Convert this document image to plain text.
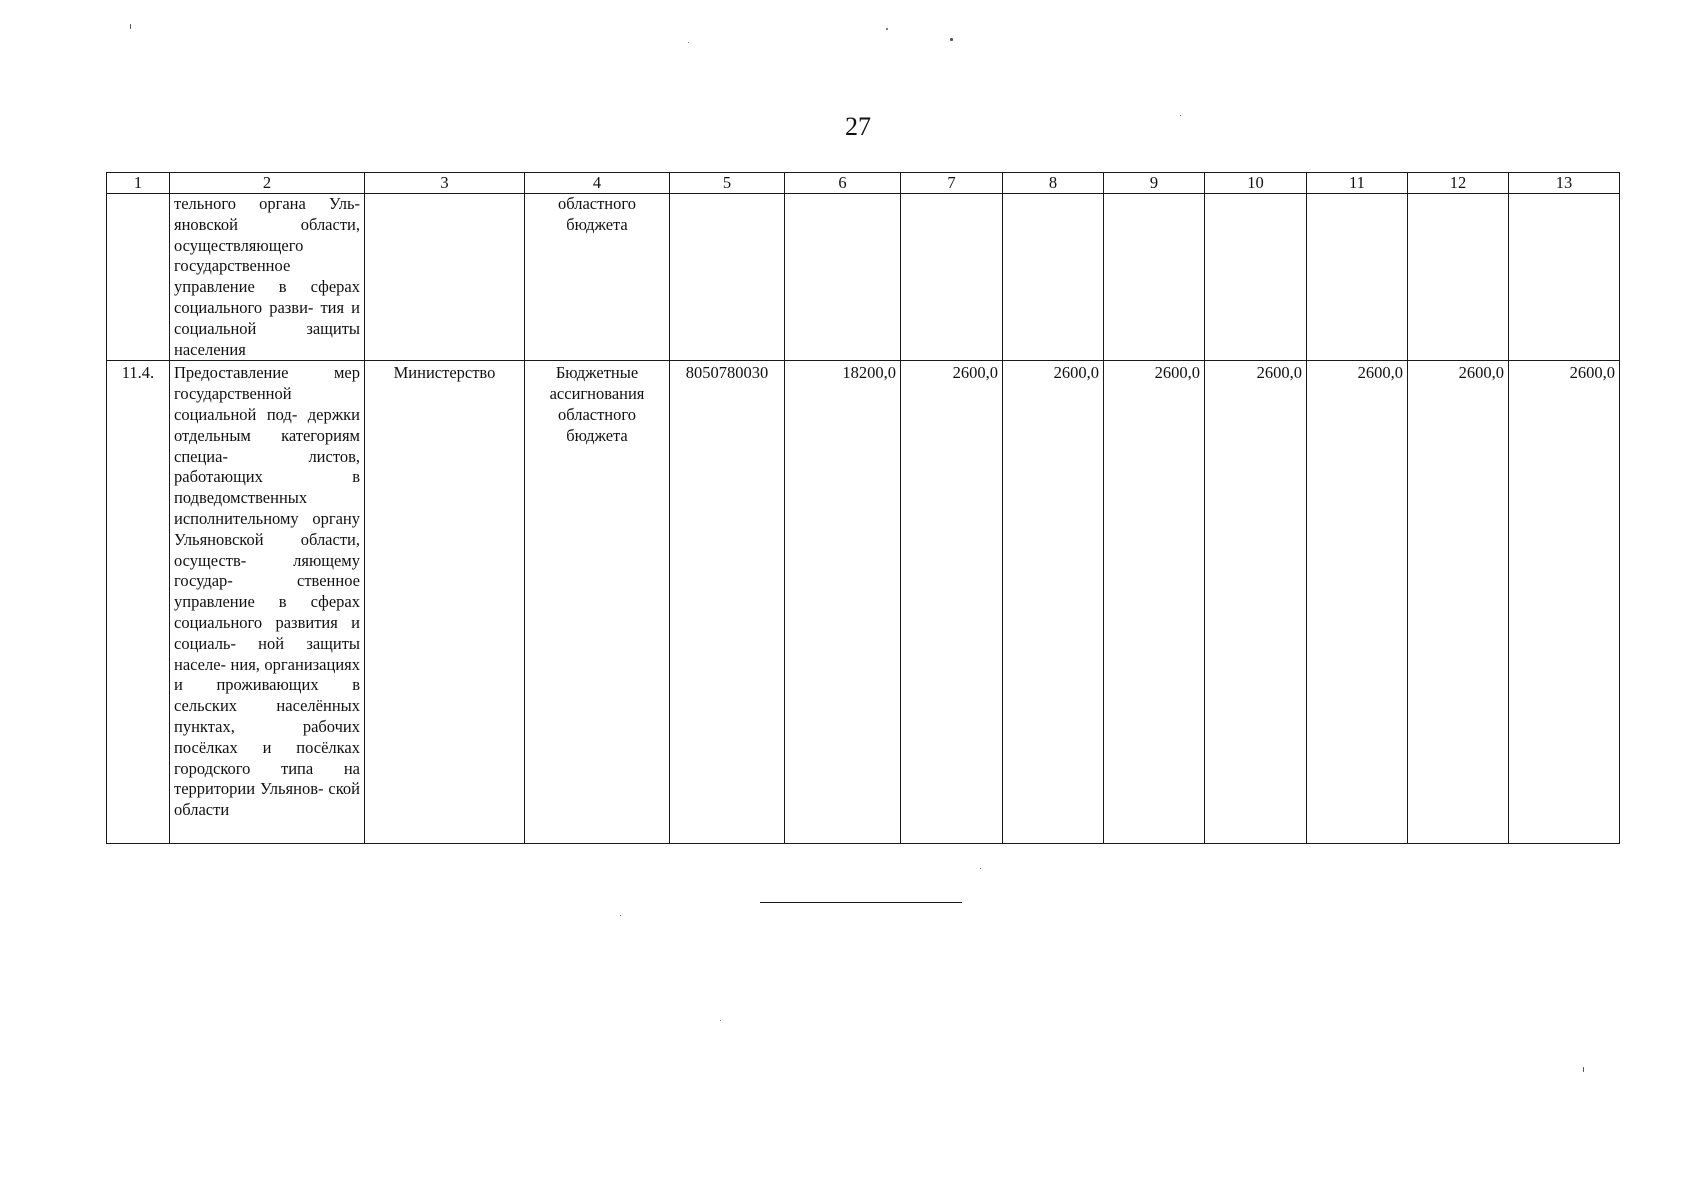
27
1	2	3	4	5	6	7	8	9	10	11	12	13
	тельного органа Уль- яновской области, осуществляющего государственное управление в сферах социального разви- тия и социальной защиты населения		областного бюджета									
11.4.	Предоставление мер государственной социальной под- держки отдельным категориям специа- листов, работающих в подведомственных исполнительному органу Ульяновской области, осуществ- ляющему государ- ственное управление в сферах социального развития и социаль- ной защиты населе- ния, организациях и проживающих в сельских населённых пунктах, рабочих посёлках и посёлках городского типа на территории Ульянов- ской области	Министерство	Бюджетные ассигнования областного бюджета	8050780030	18200,0	2600,0	2600,0	2600,0	2600,0	2600,0	2600,0	2600,0
